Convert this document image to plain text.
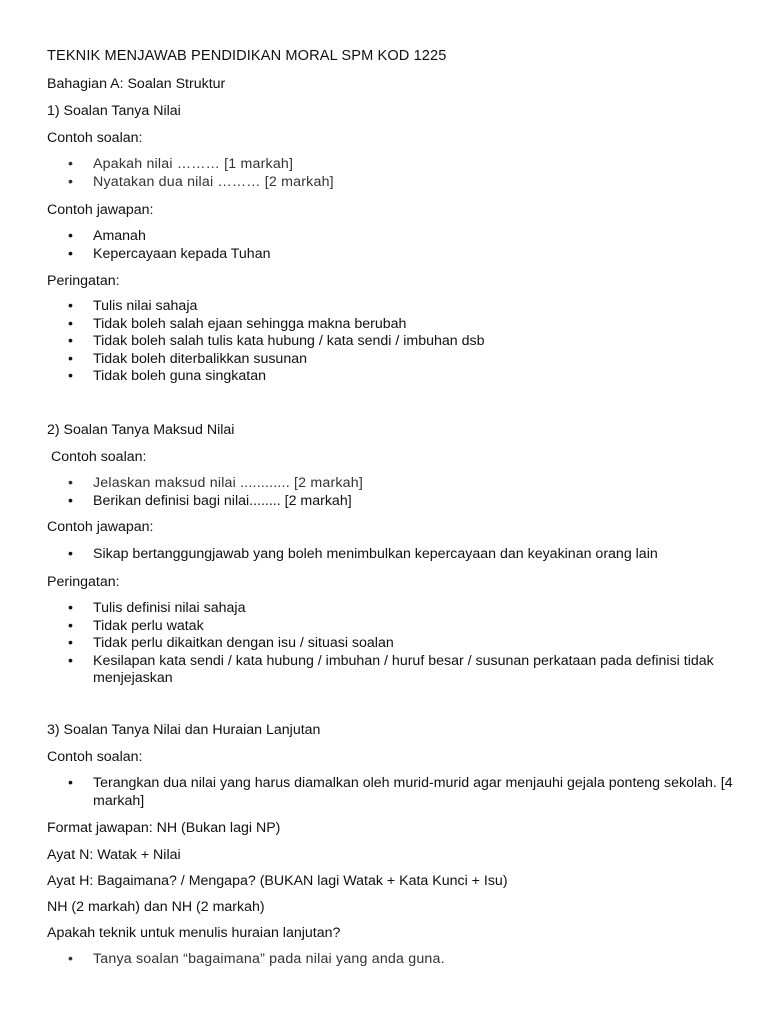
TEKNIK MENJAWAB PENDIDIKAN MORAL SPM KOD 1225

Bahagian A: Soalan Struktur

1) Soalan Tanya Nilai

Contoh soalan:

• Apakah nilai ……… [1 markah]
• Nyatakan dua nilai ……… [2 markah]

Contoh jawapan:

• Amanah
• Kepercayaan kepada Tuhan

Peringatan:

• Tulis nilai sahaja
• Tidak boleh salah ejaan sehingga makna berubah
• Tidak boleh salah tulis kata hubung / kata sendi / imbuhan dsb
• Tidak boleh diterbalikkan susunan
• Tidak boleh guna singkatan

2) Soalan Tanya Maksud Nilai

Contoh soalan:

• Jelaskan maksud nilai ............ [2 markah]
• Berikan definisi bagi nilai........ [2 markah]

Contoh jawapan:

• Sikap bertanggungjawab yang boleh menimbulkan kepercayaan dan keyakinan orang lain

Peringatan:

• Tulis definisi nilai sahaja
• Tidak perlu watak
• Tidak perlu dikaitkan dengan isu / situasi soalan
• Kesilapan kata sendi / kata hubung / imbuhan / huruf besar / susunan perkataan pada definisi tidak menjejaskan

3) Soalan Tanya Nilai dan Huraian Lanjutan

Contoh soalan:

• Terangkan dua nilai yang harus diamalkan oleh murid-murid agar menjauhi gejala ponteng sekolah. [4 markah]

Format jawapan: NH (Bukan lagi NP)

Ayat N: Watak + Nilai

Ayat H: Bagaimana? / Mengapa? (BUKAN lagi Watak + Kata Kunci + Isu)

NH (2 markah) dan NH (2 markah)

Apakah teknik untuk menulis huraian lanjutan?

• Tanya soalan “bagaimana” pada nilai yang anda guna.
